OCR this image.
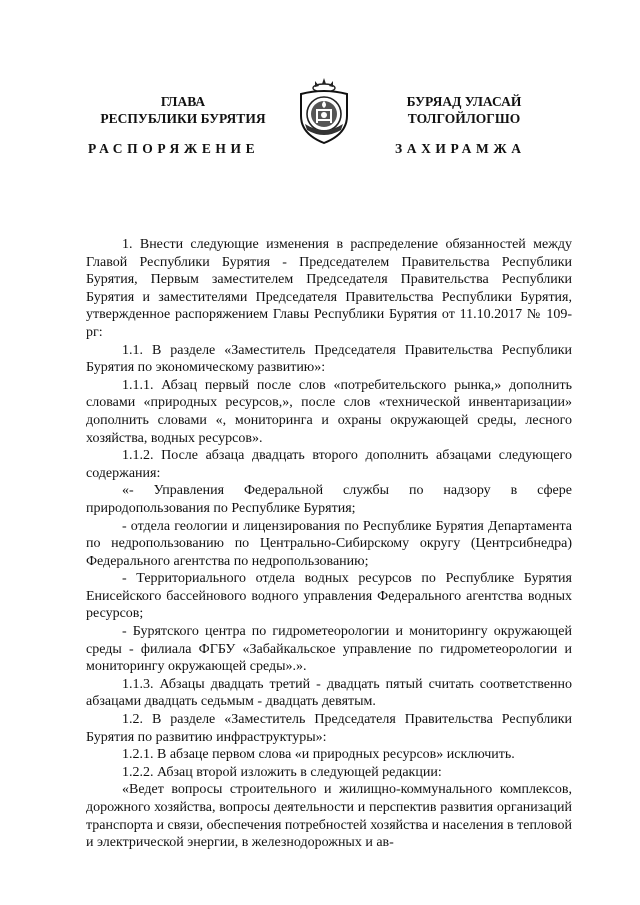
ГЛАВА
РЕСПУБЛИКИ БУРЯТИЯ
БУРЯАД УЛАСАЙ
ТОЛГОЙЛОГШО
РАСПОРЯЖЕНИЕ	ЗАХИРАМЖА

1. Внести следующие изменения в распределение обязанностей между Главой Республики Бурятия - Председателем Правительства Республики Бурятия, Первым заместителем Председателя Правительства Республики Бурятия и заместителями Председателя Правительства Республики Бурятия, утвержденное распоряжением Главы Республики Бурятия от 11.10.2017 № 109-рг:

1.1. В разделе «Заместитель Председателя Правительства Республики Бурятия по экономическому развитию»:

1.1.1. Абзац первый после слов «потребительского рынка,» дополнить словами «природных ресурсов,», после слов «технической инвентаризации» дополнить словами «, мониторинга и охраны окружающей среды, лесного хозяйства, водных ресурсов».

1.1.2. После абзаца двадцать второго дополнить абзацами следующего содержания:

«- Управления Федеральной службы по надзору в сфере природопользования по Республике Бурятия;

- отдела геологии и лицензирования по Республике Бурятия Департамента по недропользованию по Центрально-Сибирскому округу (Центрсибнедра) Федерального агентства по недропользованию;

- Территориального отдела водных ресурсов по Республике Бурятия Енисейского бассейнового водного управления Федерального агентства водных ресурсов;

- Бурятского центра по гидрометеорологии и мониторингу окружающей среды - филиала ФГБУ «Забайкальское управление по гидрометеорологии и мониторингу окружающей среды».».

1.1.3. Абзацы двадцать третий - двадцать пятый считать соответственно абзацами двадцать седьмым - двадцать девятым.

1.2. В разделе «Заместитель Председателя Правительства Республики Бурятия по развитию инфраструктуры»:

1.2.1. В абзаце первом слова «и природных ресурсов» исключить.

1.2.2. Абзац второй изложить в следующей редакции:

«Ведет вопросы строительного и жилищно-коммунального комплексов, дорожного хозяйства, вопросы деятельности и перспектив развития организаций транспорта и связи, обеспечения потребностей хозяйства и населения в тепловой и электрической энергии, в железнодорожных и ав-
